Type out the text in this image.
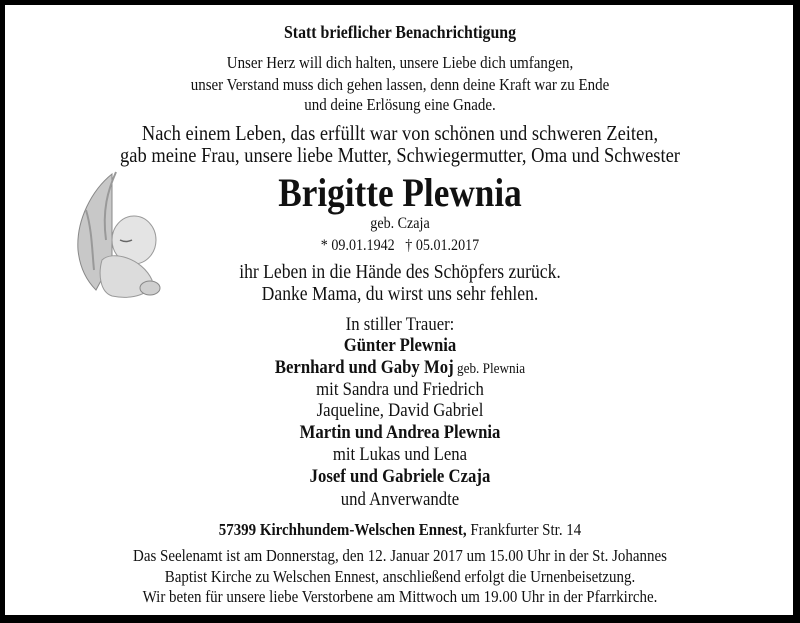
Statt brieflicher Benachrichtigung
Unser Herz will dich halten, unsere Liebe dich umfangen,
unser Verstand muss dich gehen lassen, denn deine Kraft war zu Ende
und deine Erlösung eine Gnade.
Nach einem Leben, das erfüllt war von schönen und schweren Zeiten,
gab meine Frau, unsere liebe Mutter, Schwiegermutter, Oma und Schwester
Brigitte Plewnia
geb. Czaja
* 09.01.1942   † 05.01.2017
ihr Leben in die Hände des Schöpfers zurück.
Danke Mama, du wirst uns sehr fehlen.
In stiller Trauer:
Günter Plewnia
Bernhard und Gaby Moj geb. Plewnia
mit Sandra und Friedrich
Jaqueline, David Gabriel
Martin und Andrea Plewnia
mit Lukas und Lena
Josef und Gabriele Czaja
und Anverwandte
57399 Kirchhundem-Welschen Ennest, Frankfurter Str. 14
Das Seelenamt ist am Donnerstag, den 12. Januar 2017 um 15.00 Uhr in der St. Johannes
Baptist Kirche zu Welschen Ennest, anschließend erfolgt die Urnenbeisetzung.
Wir beten für unsere liebe Verstorbene am Mittwoch um 19.00 Uhr in der Pfarrkirche.
